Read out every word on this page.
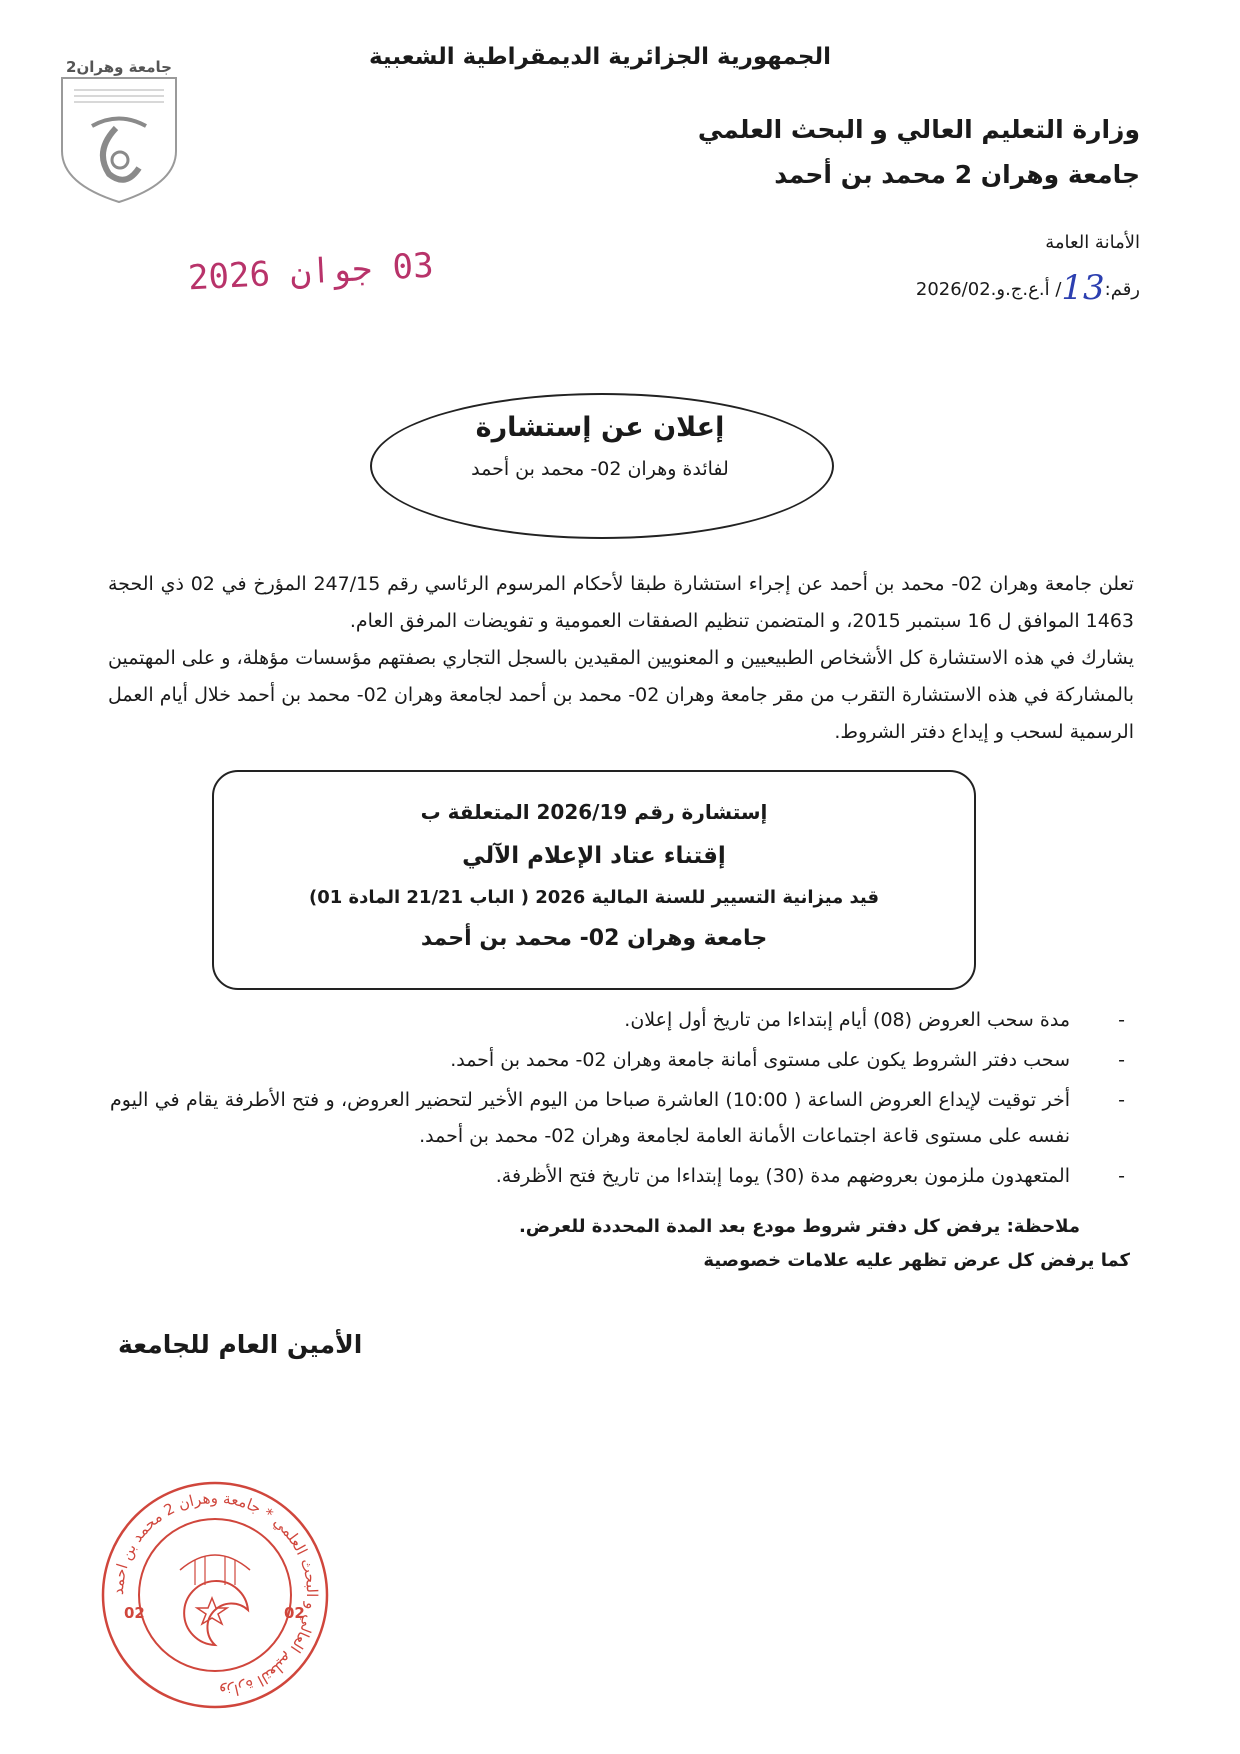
الجمهورية الجزائرية الديمقراطية الشعبية
وزارة التعليم العالي و البحث العلمي
جامعة وهران 2 محمد بن أحمد
الأمانة العامة
رقم:13/ أ.ع.ج.و.2026/02
03 جوان 2026
جامعة وهران2
إعلان عن إستشارة
لفائدة وهران 02- محمد بن أحمد

تعلن جامعة وهران 02- محمد بن أحمد عن إجراء استشارة طبقا لأحكام المرسوم الرئاسي رقم 247/15 المؤرخ في 02 ذي الحجة 1463 الموافق ل 16 سبتمبر 2015، و المتضمن تنظيم الصفقات العمومية و تفويضات المرفق العام.

يشارك في هذه الاستشارة كل الأشخاص الطبيعيين و المعنويين المقيدين بالسجل التجاري بصفتهم مؤسسات مؤهلة، و على المهتمين بالمشاركة في هذه الاستشارة التقرب من مقر جامعة وهران 02- محمد بن أحمد لجامعة وهران 02- محمد بن أحمد خلال أيام العمل الرسمية لسحب و إيداع دفتر الشروط.

إستشارة رقم 2026/19 المتعلقة ب
إقتناء عتاد الإعلام الآلي
قيد ميزانية التسيير للسنة المالية 2026 ( الباب 21/21 المادة 01)
جامعة وهران 02- محمد بن أحمد
- مدة سحب العروض (08) أيام إبتداءا من تاريخ أول إعلان.
- سحب دفتر الشروط يكون على مستوى أمانة جامعة وهران 02- محمد بن أحمد.
- أخر توقيت لإيداع العروض الساعة ( 10:00) العاشرة صباحا من اليوم الأخير لتحضير العروض، و فتح الأطرفة يقام في اليوم نفسه على مستوى قاعة اجتماعات الأمانة العامة لجامعة وهران 02- محمد بن أحمد.
- المتعهدون ملزمون بعروضهم مدة (30) يوما إبتداءا من تاريخ فتح الأظرفة.
ملاحظة: يرفض كل دفتر شروط مودع بعد المدة المحددة للعرض.
كما يرفض كل عرض تظهر عليه علامات خصوصية
الأمين العام للجامعة
وزارة التعليم العالي و البحث العلمي * جامعة وهران 2 محمد بن احمد
02	02
